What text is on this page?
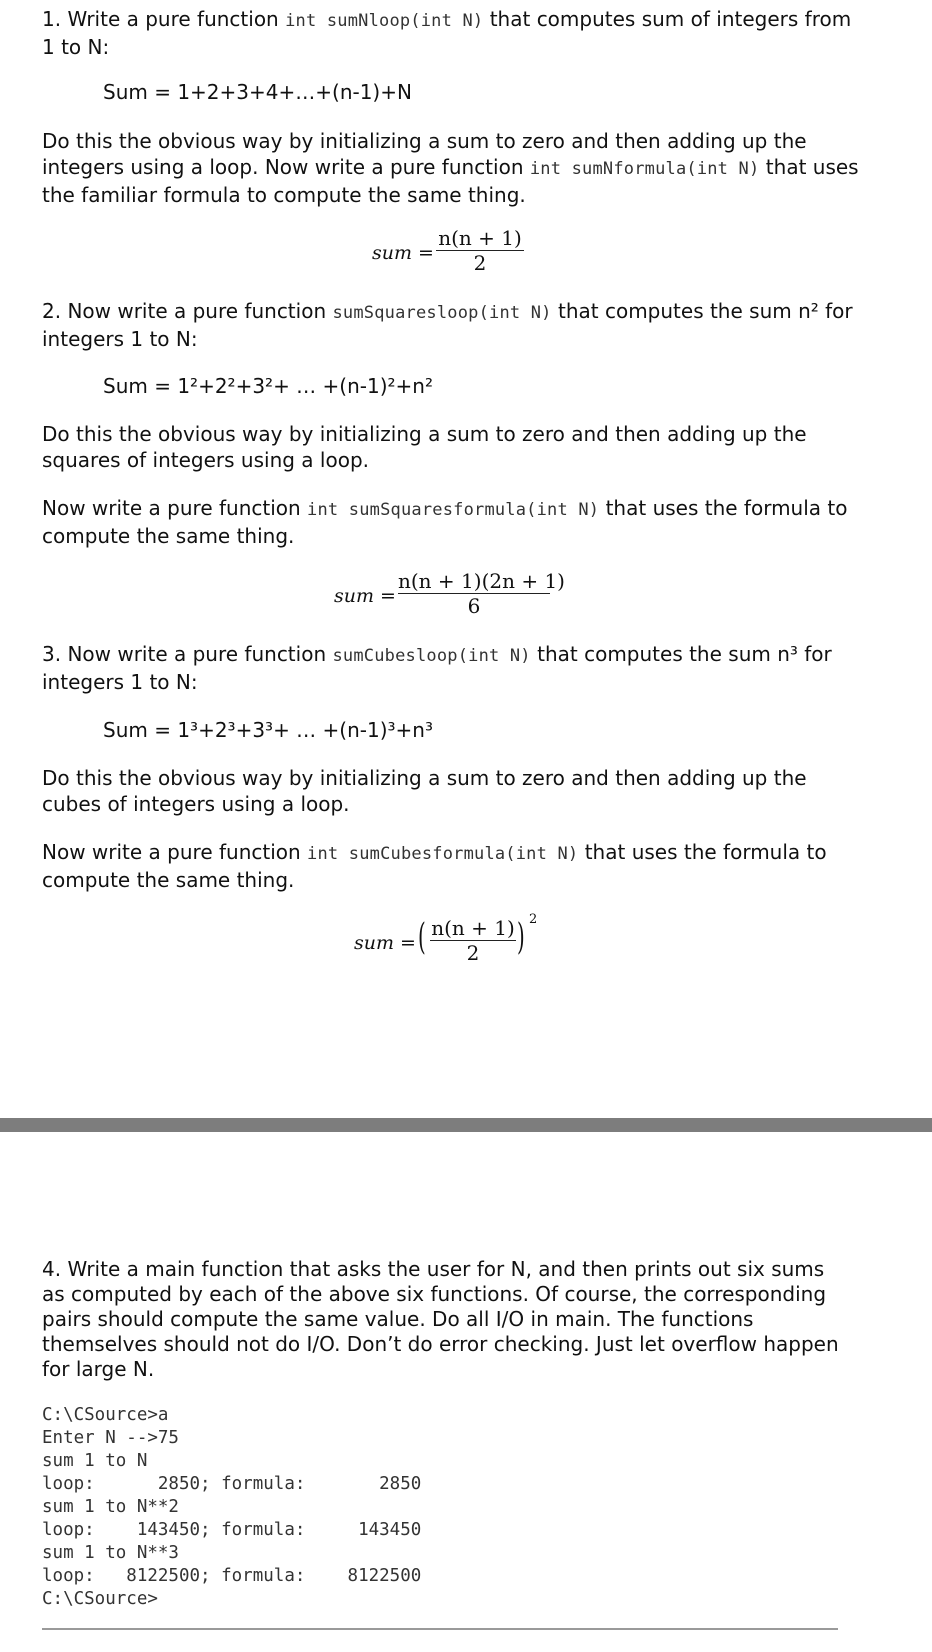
1. Write a pure function int sumNloop(int N) that computes sum of integers from 1 to N:

Sum = 1+2+3+4+…+(n-1)+N

Do this the obvious way by initializing a sum to zero and then adding up the integers using a loop. Now write a pure function int sumNformula(int N) that uses the familiar formula to compute the same thing.

sum =
n(n + 1)
2

2. Now write a pure function sumSquaresloop(int N) that computes the sum n² for integers 1 to N:

Sum = 1²+2²+3²+ … +(n-1)²+n²

Do this the obvious way by initializing a sum to zero and then adding up the squares of integers using a loop.

Now write a pure function int sumSquaresformula(int N) that uses the formula to compute the same thing.

sum =
n(n + 1)(2n + 1)
6

3. Now write a pure function sumCubesloop(int N) that computes the sum n³ for integers 1 to N:

Sum = 1³+2³+3³+ … +(n-1)³+n³

Do this the obvious way by initializing a sum to zero and then adding up the cubes of integers using a loop.

Now write a pure function int sumCubesformula(int N) that uses the formula to compute the same thing.

sum = ( n(n + 1)
2	) 2

4. Write a main function that asks the user for N, and then prints out six sums as computed by each of the above six functions. Of course, the corresponding pairs should compute the same value. Do all I/O in main. The functions themselves should not do I/O. Don’t do error checking. Just let overflow happen for large N.

C:\CSource>a
Enter N -->75
sum 1 to N
loop:      2850; formula:       2850
sum 1 to N**2
loop:    143450; formula:     143450
sum 1 to N**3
loop:   8122500; formula:    8122500
C:\CSource>
